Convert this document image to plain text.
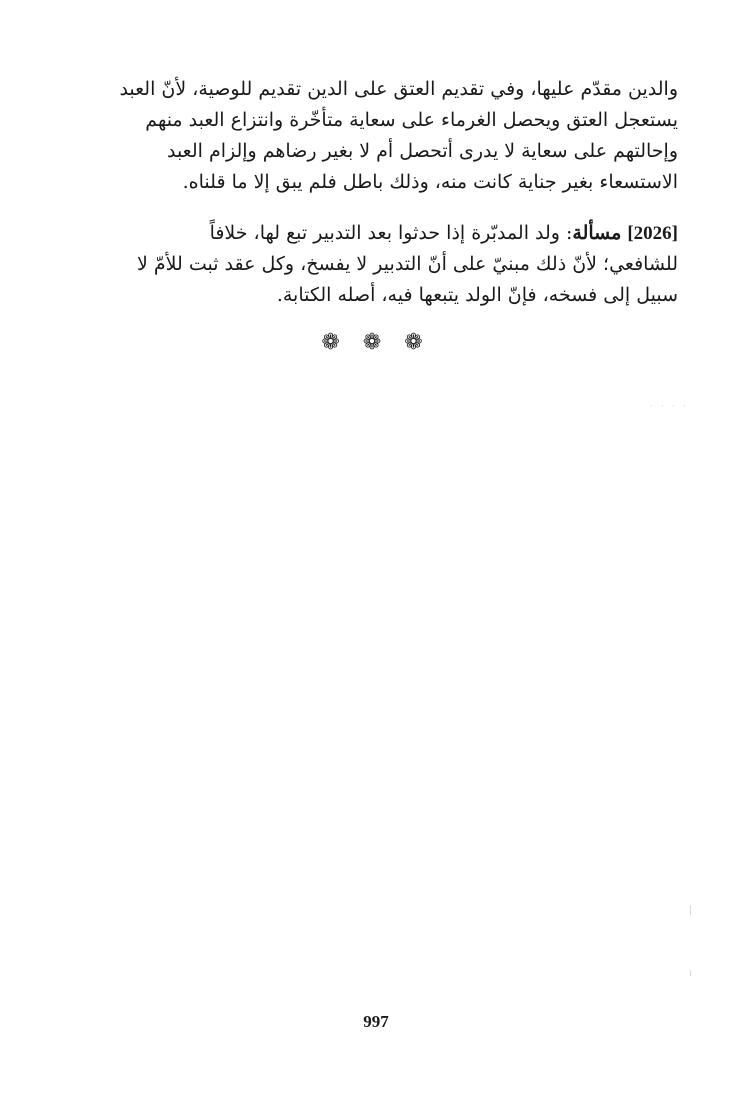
والدين مقدّم عليها، وفي تقديم العتق على الدين تقديم للوصية، لأنّ العبد
يستعجل العتق ويحصل الغرماء على سعاية متأخّرة وانتزاع العبد منهم
وإحالتهم على سعاية لا يدرى أتحصل أم لا بغير رضاهم وإلزام العبد
الاستسعاء بغير جناية كانت منه، وذلك باطل فلم يبق إلا ما قلناه.
[2026] مسألة: ولد المدبّرة إذا حدثوا بعد التدبير تبع لها، خلافاً
للشافعي؛ لأنّ ذلك مبنيّ على أنّ التدبير لا يفسخ، وكل عقد ثبت للأمّ لا
سبيل إلى فسخه، فإنّ الولد يتبعها فيه، أصله الكتابة.
❁ ❁ ❁
· · · ·
997
